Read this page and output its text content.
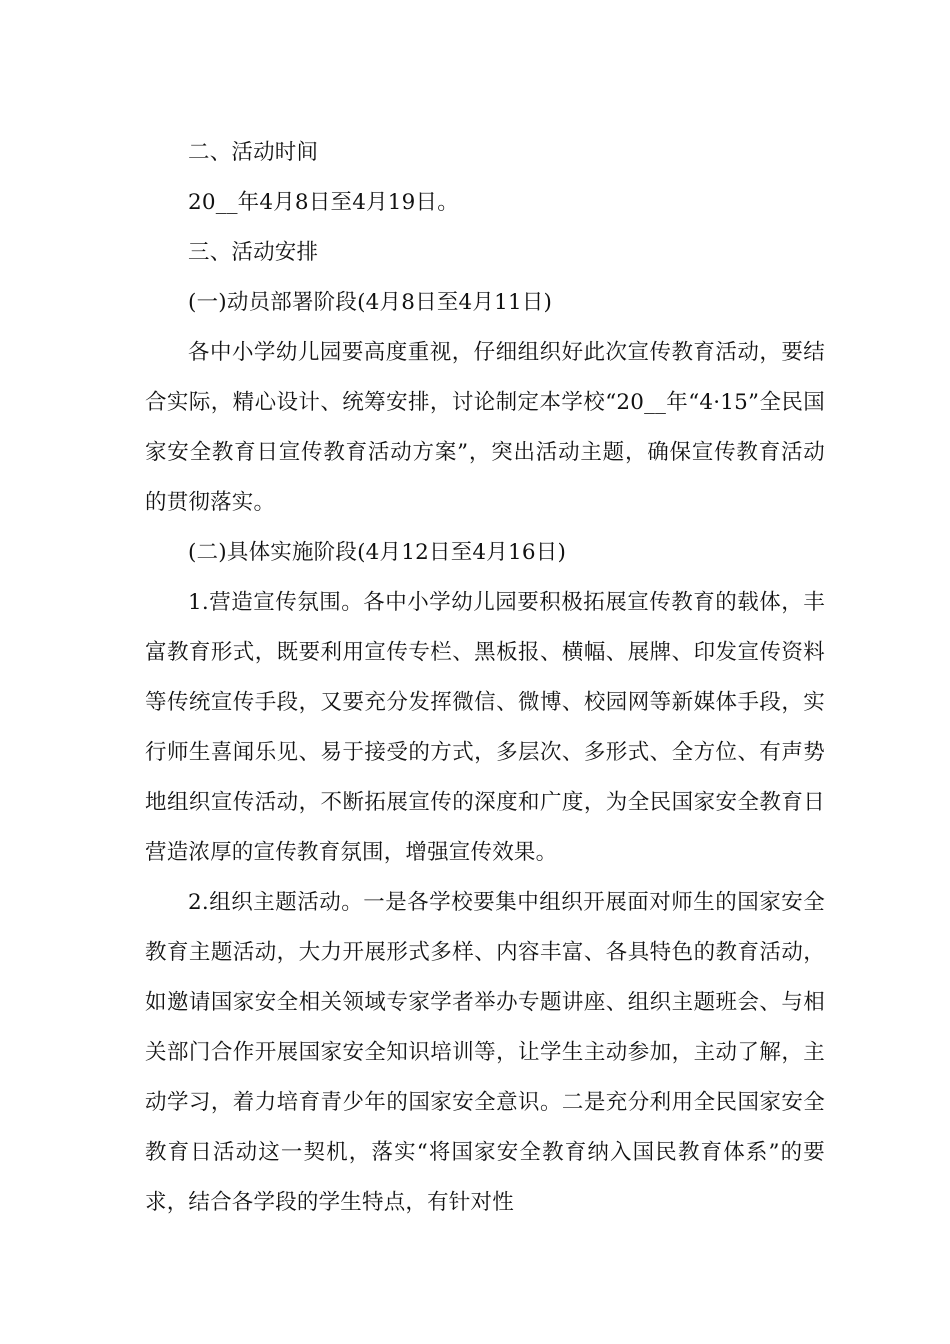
二、活动时间

20__年4月8日至4月19日。

三、活动安排

(一)动员部署阶段(4月8日至4月11日)

各中小学幼儿园要高度重视，仔细组织好此次宣传教育活动，要结合实际，精心设计、统筹安排，讨论制定本学校“20__年“4·15”全民国家安全教育日宣传教育活动方案”，突出活动主题，确保宣传教育活动的贯彻落实。

(二)具体实施阶段(4月12日至4月16日)

1.营造宣传氛围。各中小学幼儿园要积极拓展宣传教育的载体，丰富教育形式，既要利用宣传专栏、黑板报、横幅、展牌、印发宣传资料等传统宣传手段，又要充分发挥微信、微博、校园网等新媒体手段，实行师生喜闻乐见、易于接受的方式，多层次、多形式、全方位、有声势地组织宣传活动，不断拓展宣传的深度和广度，为全民国家安全教育日营造浓厚的宣传教育氛围，增强宣传效果。

2.组织主题活动。一是各学校要集中组织开展面对师生的国家安全教育主题活动，大力开展形式多样、内容丰富、各具特色的教育活动，如邀请国家安全相关领域专家学者举办专题讲座、组织主题班会、与相关部门合作开展国家安全知识培训等，让学生主动参加，主动了解，主动学习，着力培育青少年的国家安全意识。二是充分利用全民国家安全教育日活动这一契机，落实“将国家安全教育纳入国民教育体系”的要求，结合各学段的学生特点，有针对性
